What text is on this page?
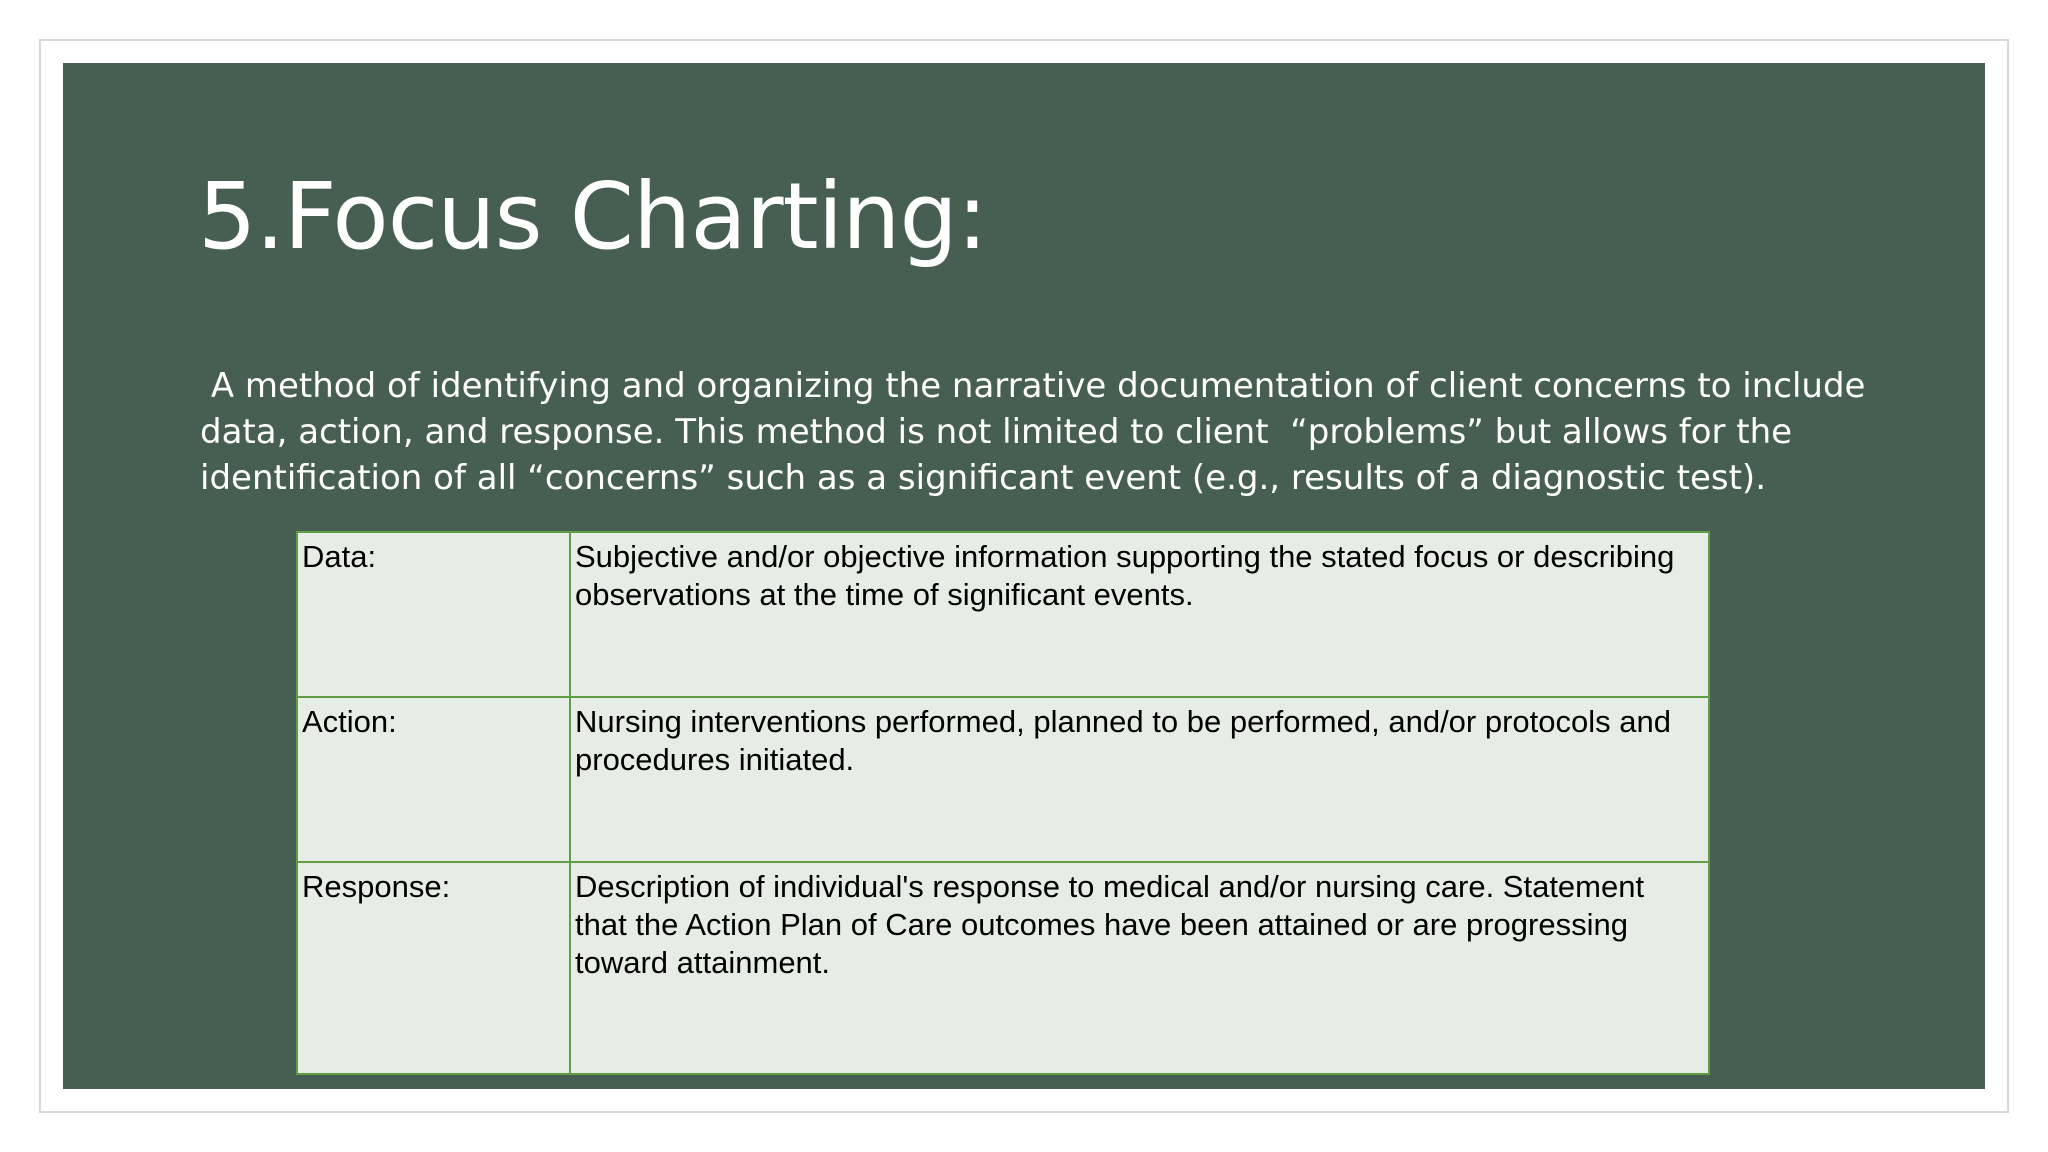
5.Focus Charting:

A method of identifying and organizing the narrative documentation of client concerns to include data, action, and response. This method is not limited to client  “problems” but allows for the identification of all “concerns” such as a significant event (e.g., results of a diagnostic test).

Data:	Subjective and/or objective information supporting the stated focus or describing observations at the time of significant events.
Action:	Nursing interventions performed, planned to be performed, and/or protocols and procedures initiated.
Response:	Description of individual's response to medical and/or nursing care. Statement that the Action Plan of Care outcomes have been attained or are progressing toward attainment.
